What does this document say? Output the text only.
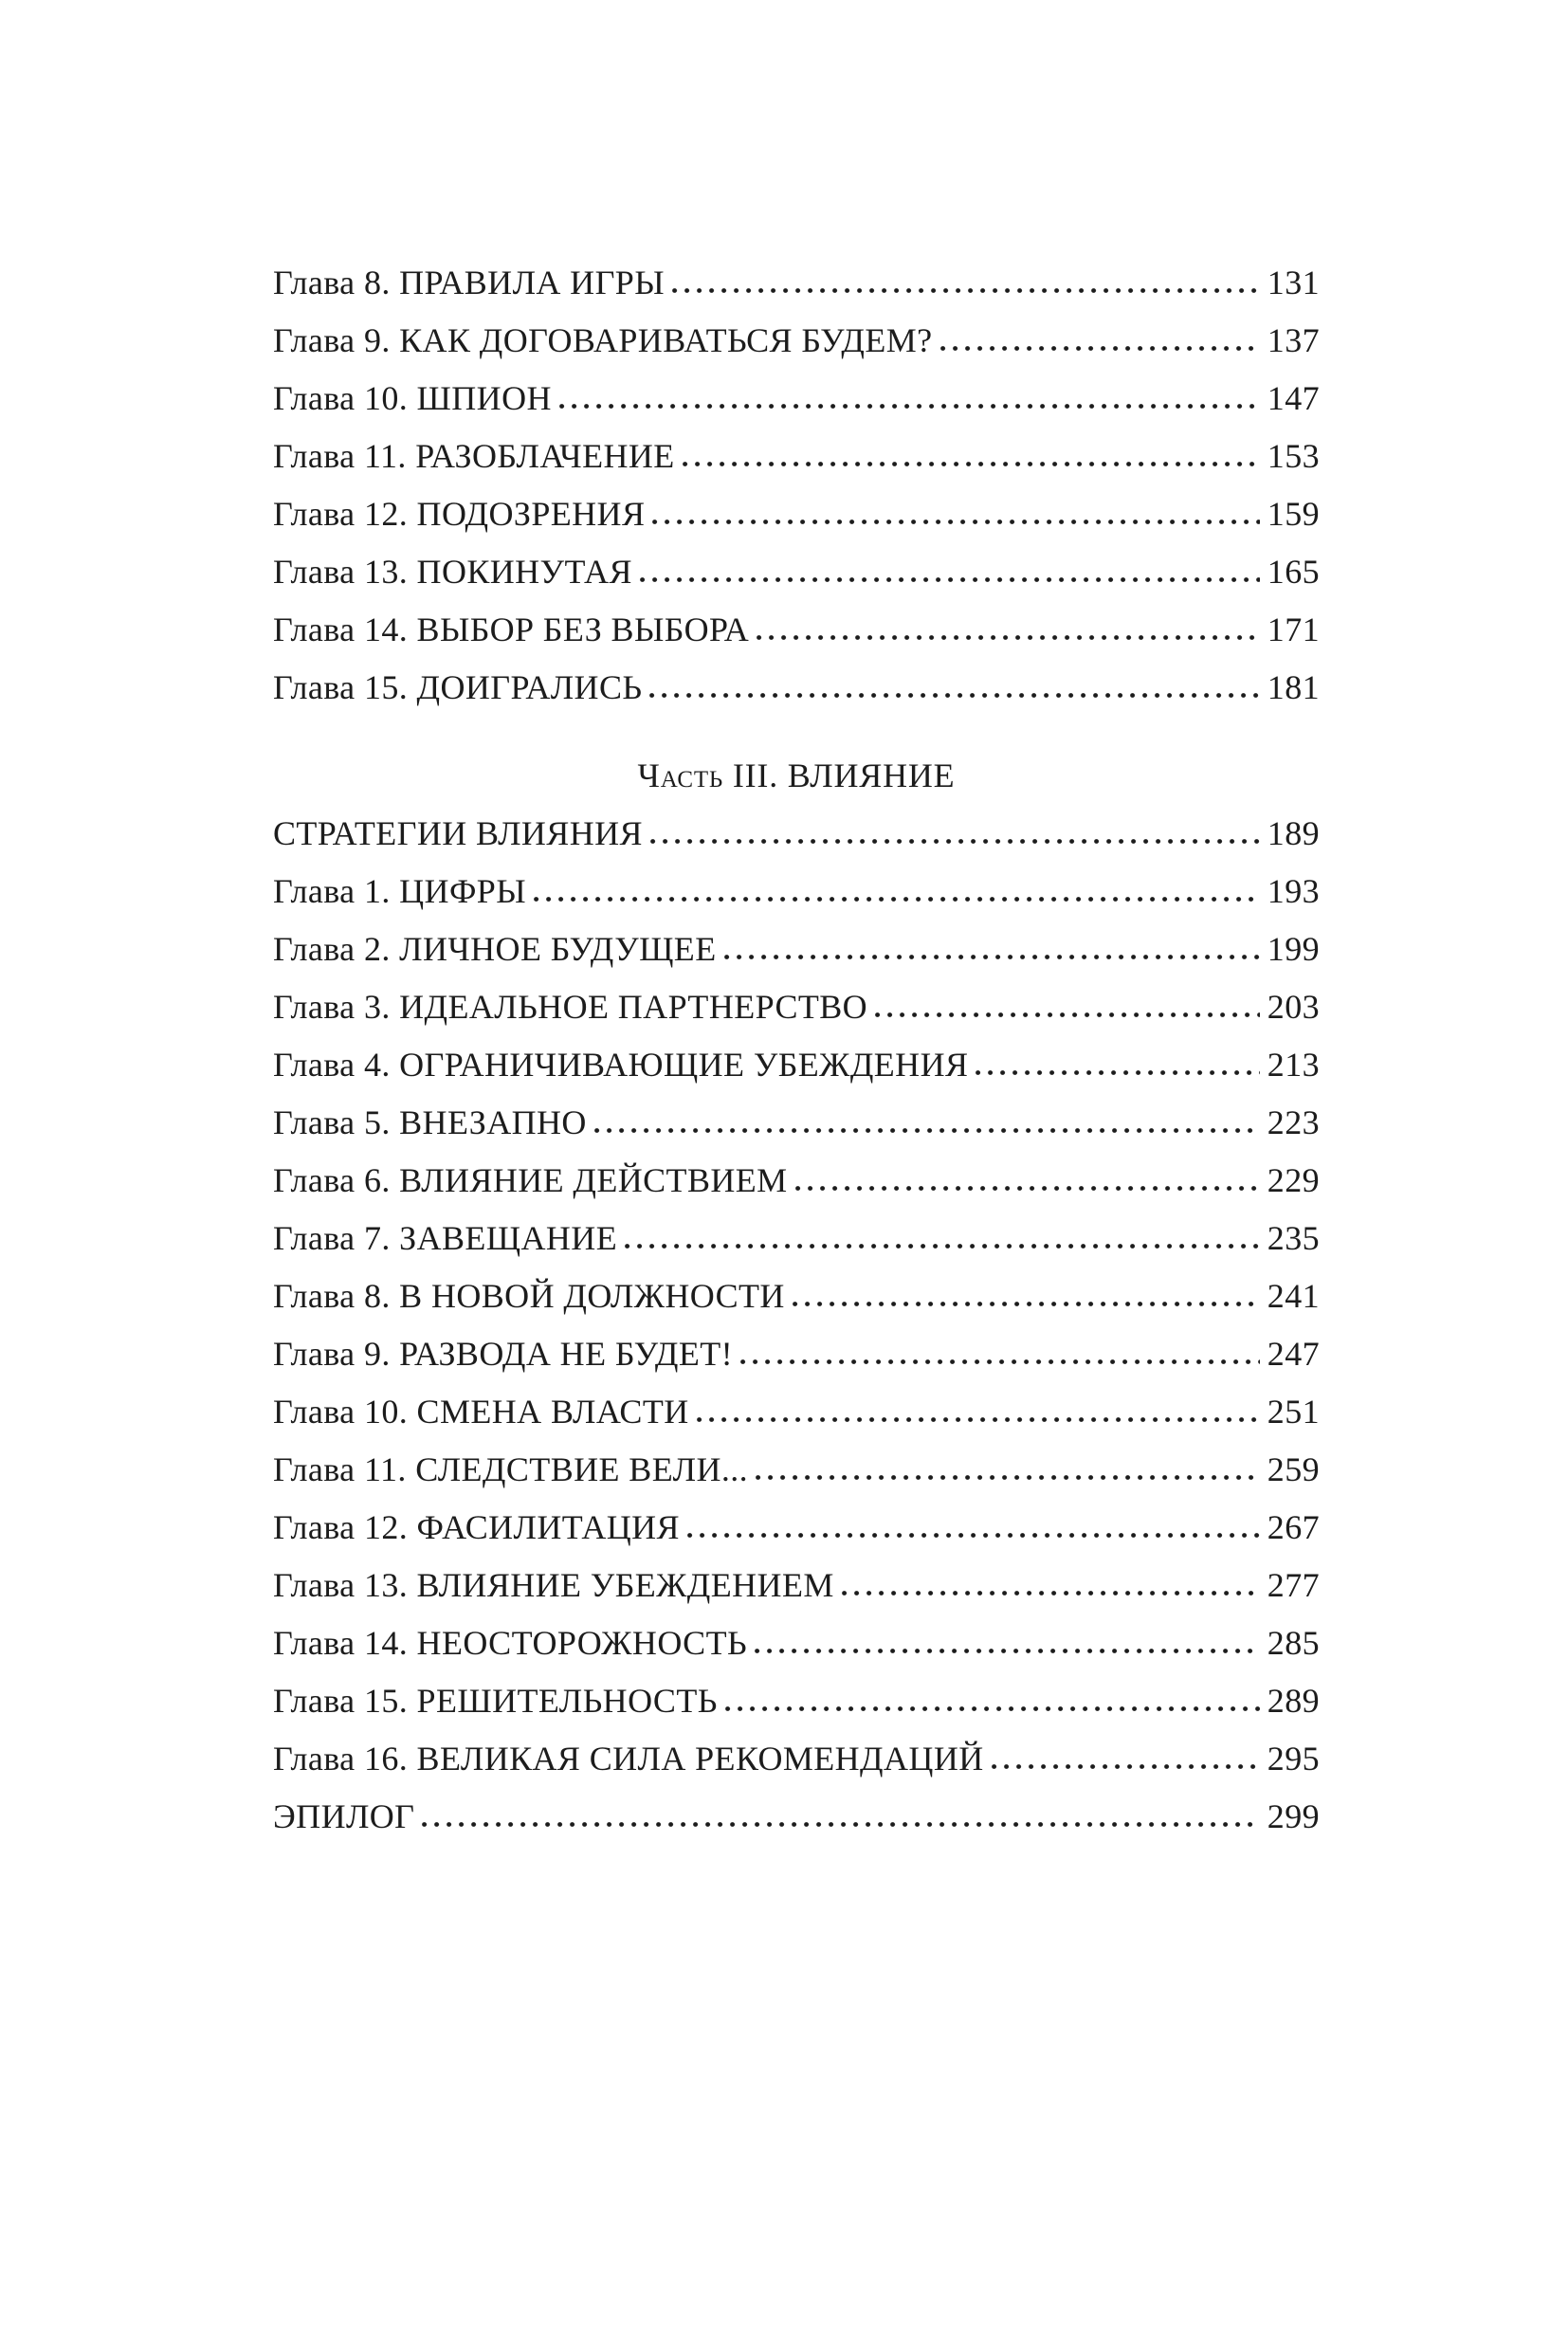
Глава 8. ПРАВИЛА ИГРЫ	131
Глава 9. КАК ДОГОВАРИВАТЬСЯ БУДЕМ?	137
Глава 10. ШПИОН	147
Глава 11. РАЗОБЛАЧЕНИЕ	153
Глава 12. ПОДОЗРЕНИЯ	159
Глава 13. ПОКИНУТАЯ	165
Глава 14. ВЫБОР БЕЗ ВЫБОРА	171
Глава 15. ДОИГРАЛИСЬ	181
Часть III. ВЛИЯНИЕ
СТРАТЕГИИ ВЛИЯНИЯ	189
Глава 1. ЦИФРЫ	193
Глава 2. ЛИЧНОЕ БУДУЩЕЕ	199
Глава 3. ИДЕАЛЬНОЕ ПАРТНЕРСТВО	203
Глава 4. ОГРАНИЧИВАЮЩИЕ УБЕЖДЕНИЯ	213
Глава 5. ВНЕЗАПНО	223
Глава 6. ВЛИЯНИЕ ДЕЙСТВИЕМ	229
Глава 7. ЗАВЕЩАНИЕ	235
Глава 8. В НОВОЙ ДОЛЖНОСТИ	241
Глава 9. РАЗВОДА НЕ БУДЕТ!	247
Глава 10. СМЕНА ВЛАСТИ	251
Глава 11. СЛЕДСТВИЕ ВЕЛИ...	259
Глава 12. ФАСИЛИТАЦИЯ	267
Глава 13. ВЛИЯНИЕ УБЕЖДЕНИЕМ	277
Глава 14. НЕОСТОРОЖНОСТЬ	285
Глава 15. РЕШИТЕЛЬНОСТЬ	289
Глава 16. ВЕЛИКАЯ СИЛА РЕКОМЕНДАЦИЙ	295
ЭПИЛОГ	299
